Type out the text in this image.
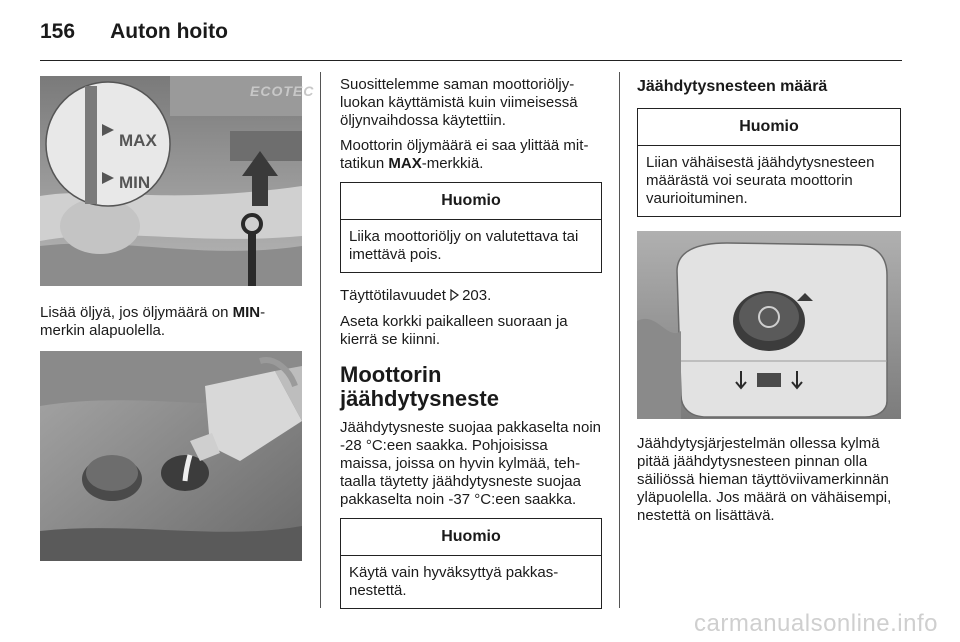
156 Auton hoito
ECOTEC
MAX
MIN

Lisää öljyä, jos öljymäärä on MIN-merkin alapuolella.

Suosittelemme saman moottoriöljyluokan käyttämistä kuin viimeisessä öljynvaihdossa käytettiin.

Moottorin öljymäärä ei saa ylittää mittatikun MAX-merkkiä.

Huomio
Liika moottoriöljy on valutettava tai imettävä pois.

Täyttötilavuudet 203.

Aseta korkki paikalleen suoraan ja kierrä se kiinni.

Moottorin jäähdytysneste

Jäähdytysneste suojaa pakkaselta noin -28 °C:een saakka. Pohjoisissa maissa, joissa on hyvin kylmää, tehtaalla täytetty jäähdytysneste suojaa pakkaselta noin -37 °C:een saakka.

Huomio
Käytä vain hyväksyttyä pakkasnestettä.
Jäähdytysnesteen määrä
Huomio
Liian vähäisestä jäähdytysnesteen määrästä voi seurata moottorin vaurioituminen.

Jäähdytysjärjestelmän ollessa kylmä pitää jäähdytysnesteen pinnan olla säiliössä hieman täyttöviivamerkinnän yläpuolella. Jos määrä on vähäisempi, nestettä on lisättävä.

carmanualsonline.info
